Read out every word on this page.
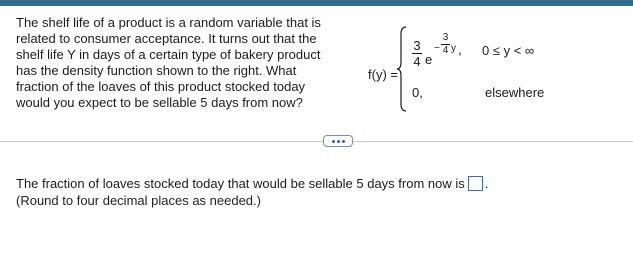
The shelf life of a product is a random variable that is
related to consumer acceptance. It turns out that the
shelf life Y in days of a certain type of bakery product
has the density function shown to the right. What
fraction of the loaves of this product stocked today
would you expect to be sellable 5 days from now?
f(y) =
3
4 e
−
3
4 y , 0 ≤ y < ∞
0,	elsewhere
The fraction of loaves stocked today that would be sellable 5 days from now is .
(Round to four decimal places as needed.)
